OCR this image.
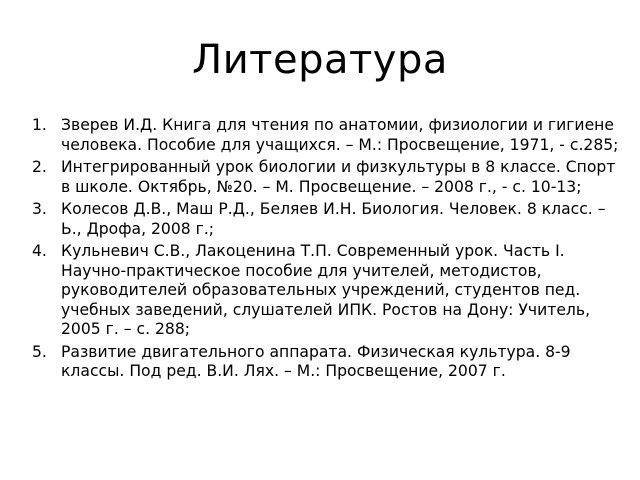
Литература
1. Зверев И.Д. Книга для чтения по анатомии, физиологии и гигиене человека. Пособие для учащихся. – М.: Просвещение, 1971, - с.285;
2. Интегрированный урок биологии и физкультуры в 8 классе. Спорт в школе. Октябрь, №20. – М. Просвещение. – 2008 г., - с. 10-13;
3. Колесов Д.В., Маш Р.Д., Беляев И.Н. Биология. Человек. 8 класс. – Ь., Дрофа, 2008 г.;
4. Кульневич С.В., Лакоценина Т.П. Современный урок. Часть I. Научно-практическое пособие для учителей, методистов, руководителей образовательных учреждений, студентов пед. учебных заведений, слушателей ИПК. Ростов на Дону: Учитель, 2005 г. – с. 288;
5. Развитие двигательного аппарата. Физическая культура. 8-9 классы. Под ред. В.И. Лях. – М.: Просвещение, 2007 г.
